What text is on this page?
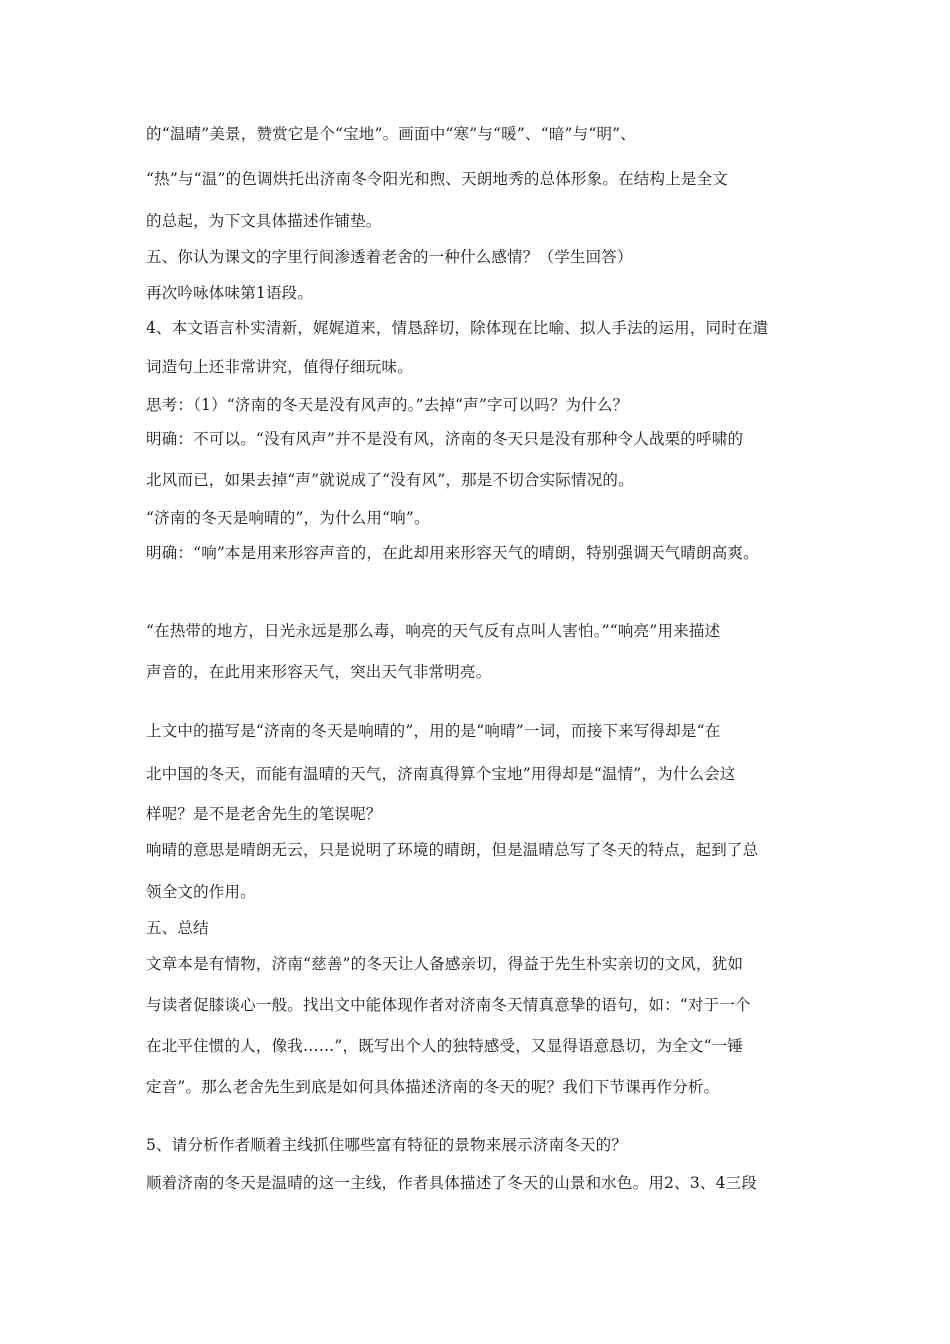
的“温晴”美景，赞赏它是个“宝地”。画面中“寒”与“暖”、“暗”与“明”、
“热”与“温”的色调烘托出济南冬令阳光和煦、天朗地秀的总体形象。在结构上是全文
的总起，为下文具体描述作铺垫。
五、你认为课文的字里行间渗透着老舍的一种什么感情？（学生回答）
再次吟咏体味第1语段。
4、本文语言朴实清新，娓娓道来，情恳辞切，除体现在比喻、拟人手法的运用，同时在遣
词造句上还非常讲究，值得仔细玩味。
思考：（1）“济南的冬天是没有风声的。”去掉“声”字可以吗？为什么？
明确：不可以。“没有风声”并不是没有风，济南的冬天只是没有那种令人战栗的呼啸的
北风而已，如果去掉“声”就说成了“没有风”，那是不切合实际情况的。
“济南的冬天是响晴的”，为什么用“响”。
明确：“响”本是用来形容声音的，在此却用来形容天气的晴朗，特别强调天气晴朗高爽。
“在热带的地方，日光永远是那么毒，响亮的天气反有点叫人害怕。”“响亮”用来描述
声音的，在此用来形容天气，突出天气非常明亮。
上文中的描写是“济南的冬天是响晴的”，用的是“响晴”一词，而接下来写得却是“在
北中国的冬天，而能有温晴的天气，济南真得算个宝地”用得却是“温情”，为什么会这
样呢？是不是老舍先生的笔误呢？
响晴的意思是晴朗无云，只是说明了环境的晴朗，但是温晴总写了冬天的特点，起到了总
领全文的作用。
五、总结
文章本是有情物，济南“慈善”的冬天让人备感亲切，得益于先生朴实亲切的文风，犹如
与读者促膝谈心一般。找出文中能体现作者对济南冬天情真意挚的语句，如：“对于一个
在北平住惯的人，像我……”，既写出个人的独特感受，又显得语意恳切，为全文“一锤
定音”。那么老舍先生到底是如何具体描述济南的冬天的呢？我们下节课再作分析。
5、请分析作者顺着主线抓住哪些富有特征的景物来展示济南冬天的？
顺着济南的冬天是温晴的这一主线，作者具体描述了冬天的山景和水色。用2、3、4三段
